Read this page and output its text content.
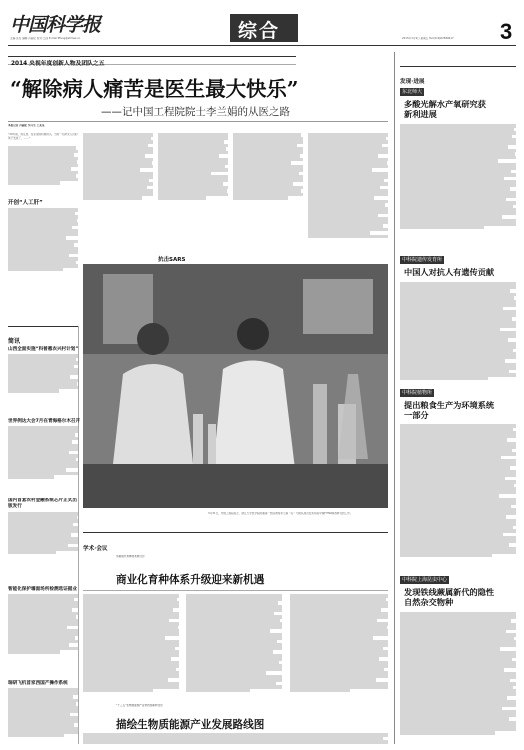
中国科学报
主编:吴见 编辑:冯丽妃 校对:王锋 E-mail:lffeng@stimes.cn	综合	2015年1月9日 星期五 Tel:(010)62580617	3
2014 央视年度创新人物及团队之五
“解除病人痛苦是医生最大快乐”
——记中国工程院院士李兰娟的从医之路
本报记者 冯丽妃 实习生 王某某
“20年前，我定居、在家里的时候用头，当时一名研究人员的孩子发烧了，……”
开创“人工肝”
抗击SARS
3月31日，中国工程院院士、浙江大学医学院附属第一医院教授李兰娟（右）与团队成员在实验室中做H7N9病毒研究的工作。
简讯
山西全面实施“科普惠农兴村计划”
世界例达大会7月在青海格尔木召开
国内首套农村金融系统芯片正式出版发行
智能化保护墙面场所检测选证据业
瑞研飞机首家西国产操作系统
发现·进展
东北师大
多酸光解水产氧研究获新利进展
中科院遗传发育所
中国人对抗人有遗传贡献
中科院植物所
提出粮食生产为环境系统一部分
中科院上海昆虫中心
发现铁线蕨属新代的隐性自然杂交物种
学术·会议
水稻现代育种技术研讨会
商业化育种体系升级迎来新机遇
“十三五”生物质能源产业科技创新研讨会
描绘生物质能源产业发展路线图
